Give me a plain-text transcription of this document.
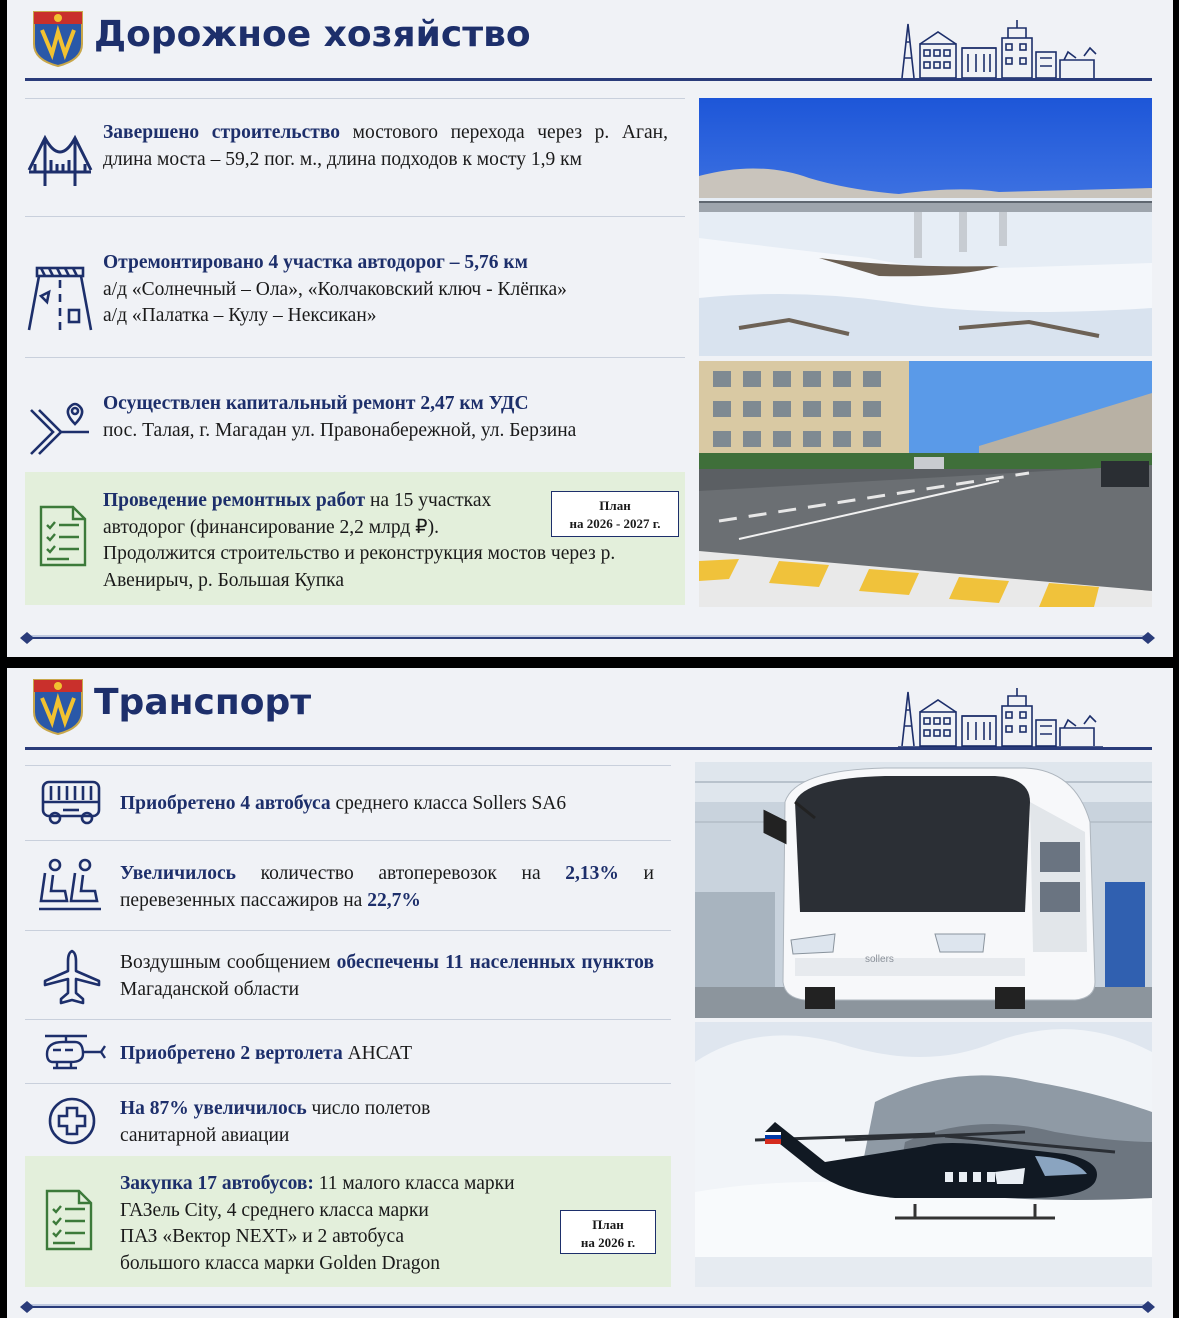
Дорожное хозяйство
Завершено строительство мостового перехода через р. Аган, длина моста – 59,2 пог. м., длина подходов к мосту 1,9 км
Отремонтировано 4 участка автодорог – 5,76 км
а/д «Солнечный – Ола», «Колчаковский ключ - Клёпка»
а/д «Палатка – Кулу – Нексикан»
Осуществлен капитальный ремонт 2,47 км УДС
пос. Талая, г. Магадан ул. Правонабережной, ул. Берзина
Проведение ремонтных работ на 15 участках
автодорог (финансирование 2,2 млрд ₽).
Продолжится строительство и реконструкция мостов через р. Авенирыч, р. Большая Купка
План
на 2026 - 2027 г.
Транспорт
Приобретено 4 автобуса среднего класса Sollers SA6
Увеличилось количество автоперевозок на 2,13% и перевезенных пассажиров на 22,7%
Воздушным сообщением обеспечены 11 населенных пунктов Магаданской области
Приобретено 2 вертолета АНСАТ
На 87% увеличилось число полетов
санитарной авиации
Закупка 17 автобусов: 11 малого класса марки
ГАЗель City, 4 среднего класса марки
ПАЗ «Вектор NEXT» и 2 автобуса
большого класса марки Golden Dragon
План
на 2026 г.
sollers
